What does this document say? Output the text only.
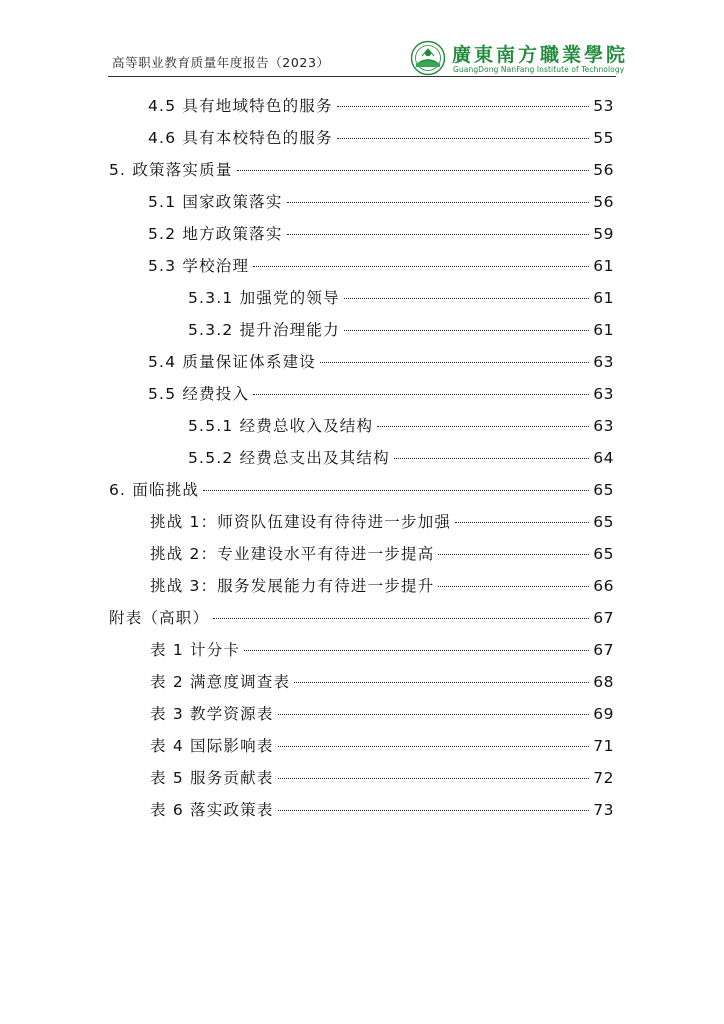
高等职业教育质量年度报告（2023）	廣東南方職業學院
GuangDong NanFang Institute of Technology
4.5 具有地域特色的服务	53
4.6 具有本校特色的服务	55
5. 政策落实质量	56
5.1 国家政策落实	56
5.2 地方政策落实	59
5.3 学校治理	61
5.3.1 加强党的领导	61
5.3.2 提升治理能力	61
5.4 质量保证体系建设	63
5.5 经费投入	63
5.5.1 经费总收入及结构	63
5.5.2 经费总支出及其结构	64
6. 面临挑战	65
挑战 1：师资队伍建设有待待进一步加强	65
挑战 2：专业建设水平有待进一步提高	65
挑战 3：服务发展能力有待进一步提升	66
附表（高职）	67
表 1 计分卡	67
表 2 满意度调查表	68
表 3 教学资源表	69
表 4 国际影响表	71
表 5 服务贡献表	72
表 6 落实政策表	73
